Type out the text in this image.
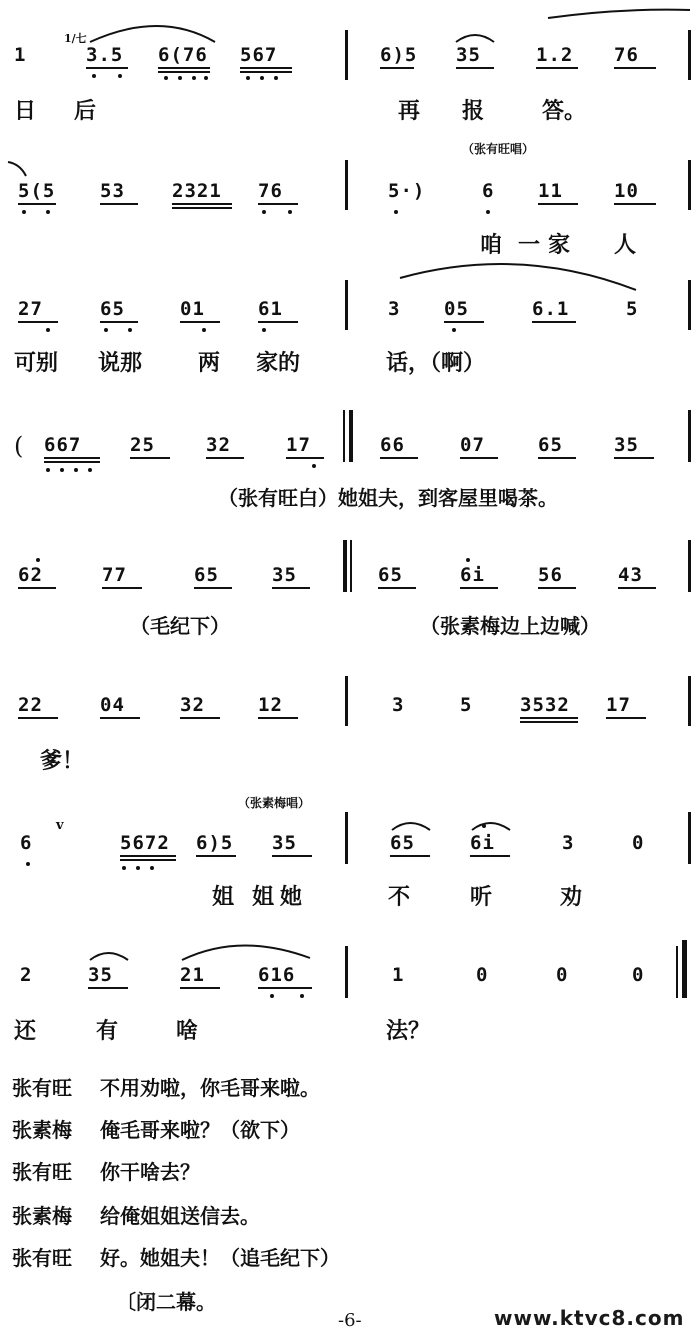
1/七
1	3.5 6(76 567	6)5 35	1.2 76
日 后	再 报	答。
（张有旺唱）
5(5 53 2321 76	5·)	6 11	10
咱 一家 人
27	65	01	61	3 05	6.1	5
可别 说那	两 家的	话，（啊）
( 667	25	32	17	66	07	65	35
（张有旺白）她姐夫，到客屋里喝茶。
62	77	65	35	65	6i	56	43
（毛纪下）	（张素梅边上边喊）
22	04	32	12	3	5	3532 17
爹！
（张素梅唱）
6
v
5672 6)5 35	65	6i	3	0
姐 姐她	不	听	劝
2	35	21	616	1	0	0	0
还	有	啥	法？
张有旺 不用劝啦，你毛哥来啦。
张素梅 俺毛哥来啦？（欲下）
张有旺 你干啥去？
张素梅 给俺姐姐送信去。
张有旺 好。她姐夫！（追毛纪下）
〔闭二幕。
-6-	www.ktvc8.com
